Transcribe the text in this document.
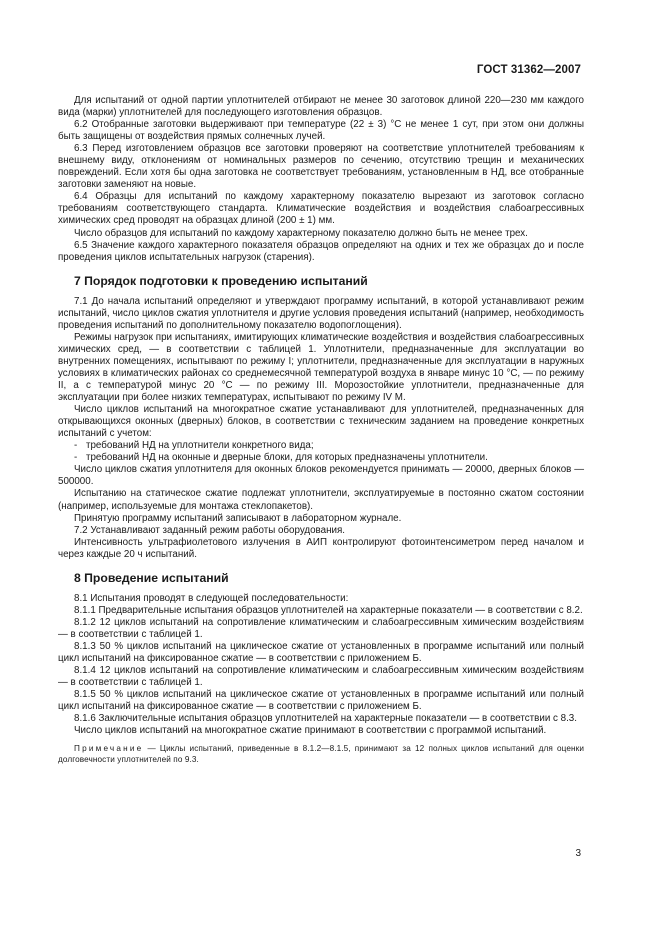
ГОСТ 31362—2007

Для испытаний от одной партии уплотнителей отбирают не менее 30 заготовок длиной 220—230 мм каждого вида (марки) уплотнителей для последующего изготовления образцов.

6.2 Отобранные заготовки выдерживают при температуре (22 ± 3) °С не менее 1 сут, при этом они должны быть защищены от воздействия прямых солнечных лучей.

6.3 Перед изготовлением образцов все заготовки проверяют на соответствие уплотнителей требованиям к внешнему виду, отклонениям от номинальных размеров по сечению, отсутствию трещин и механических повреждений. Если хотя бы одна заготовка не соответствует требованиям, установленным в НД, все отобранные заготовки заменяют на новые.

6.4 Образцы для испытаний по каждому характерному показателю вырезают из заготовок согласно требованиям соответствующего стандарта. Климатические воздействия и воздействия слабоагрессивных химических сред проводят на образцах длиной (200 ± 1) мм.

Число образцов для испытаний по каждому характерному показателю должно быть не менее трех.

6.5 Значение каждого характерного показателя образцов определяют на одних и тех же образцах до и после проведения циклов испытательных нагрузок (старения).

7 Порядок подготовки к проведению испытаний

7.1 До начала испытаний определяют и утверждают программу испытаний, в которой устанавливают режим испытаний, число циклов сжатия уплотнителя и другие условия проведения испытаний (например, необходимость проведения испытаний по дополнительному показателю водопоглощения).

Режимы нагрузок при испытаниях, имитирующих климатические воздействия и воздействия слабоагрессивных химических сред, — в соответствии с таблицей 1. Уплотнители, предназначенные для эксплуатации во внутренних помещениях, испытывают по режиму I; уплотнители, предназначенные для эксплуатации в наружных условиях в климатических районах со среднемесячной температурой воздуха в январе минус 10 °С, — по режиму II, а с температурой минус 20 °С — по режиму III. Морозостойкие уплотнители, предназначенные для эксплуатации при более низких температурах, испытывают по режиму IV М.

Число циклов испытаний на многократное сжатие устанавливают для уплотнителей, предназначенных для открывающихся оконных (дверных) блоков, в соответствии с техническим заданием на проведение конкретных испытаний с учетом:

- требований НД на уплотнители конкретного вида;
- требований НД на оконные и дверные блоки, для которых предназначены уплотнители.

Число циклов сжатия уплотнителя для оконных блоков рекомендуется принимать — 20000, дверных блоков — 500000.

Испытанию на статическое сжатие подлежат уплотнители, эксплуатируемые в постоянно сжатом состоянии (например, используемые для монтажа стеклопакетов).

Принятую программу испытаний записывают в лабораторном журнале.

7.2 Устанавливают заданный режим работы оборудования.

Интенсивность ультрафиолетового излучения в АИП контролируют фотоинтенсиметром перед началом и через каждые 20 ч испытаний.

8 Проведение испытаний

8.1 Испытания проводят в следующей последовательности:

8.1.1 Предварительные испытания образцов уплотнителей на характерные показатели — в соответствии с 8.2.

8.1.2 12 циклов испытаний на сопротивление климатическим и слабоагрессивным химическим воздействиям — в соответствии с таблицей 1.

8.1.3 50 % циклов испытаний на циклическое сжатие от установленных в программе испытаний или полный цикл испытаний на фиксированное сжатие — в соответствии с приложением Б.

8.1.4 12 циклов испытаний на сопротивление климатическим и слабоагрессивным химическим воздействиям — в соответствии с таблицей 1.

8.1.5 50 % циклов испытаний на циклическое сжатие от установленных в программе испытаний или полный цикл испытаний на фиксированное сжатие — в соответствии с приложением Б.

8.1.6 Заключительные испытания образцов уплотнителей на характерные показатели — в соответствии с 8.3.

Число циклов испытаний на многократное сжатие принимают в соответствии с программой испытаний.

Примечание — Циклы испытаний, приведенные в 8.1.2—8.1.5, принимают за 12 полных циклов испытаний для оценки долговечности уплотнителей по 9.3.

3
